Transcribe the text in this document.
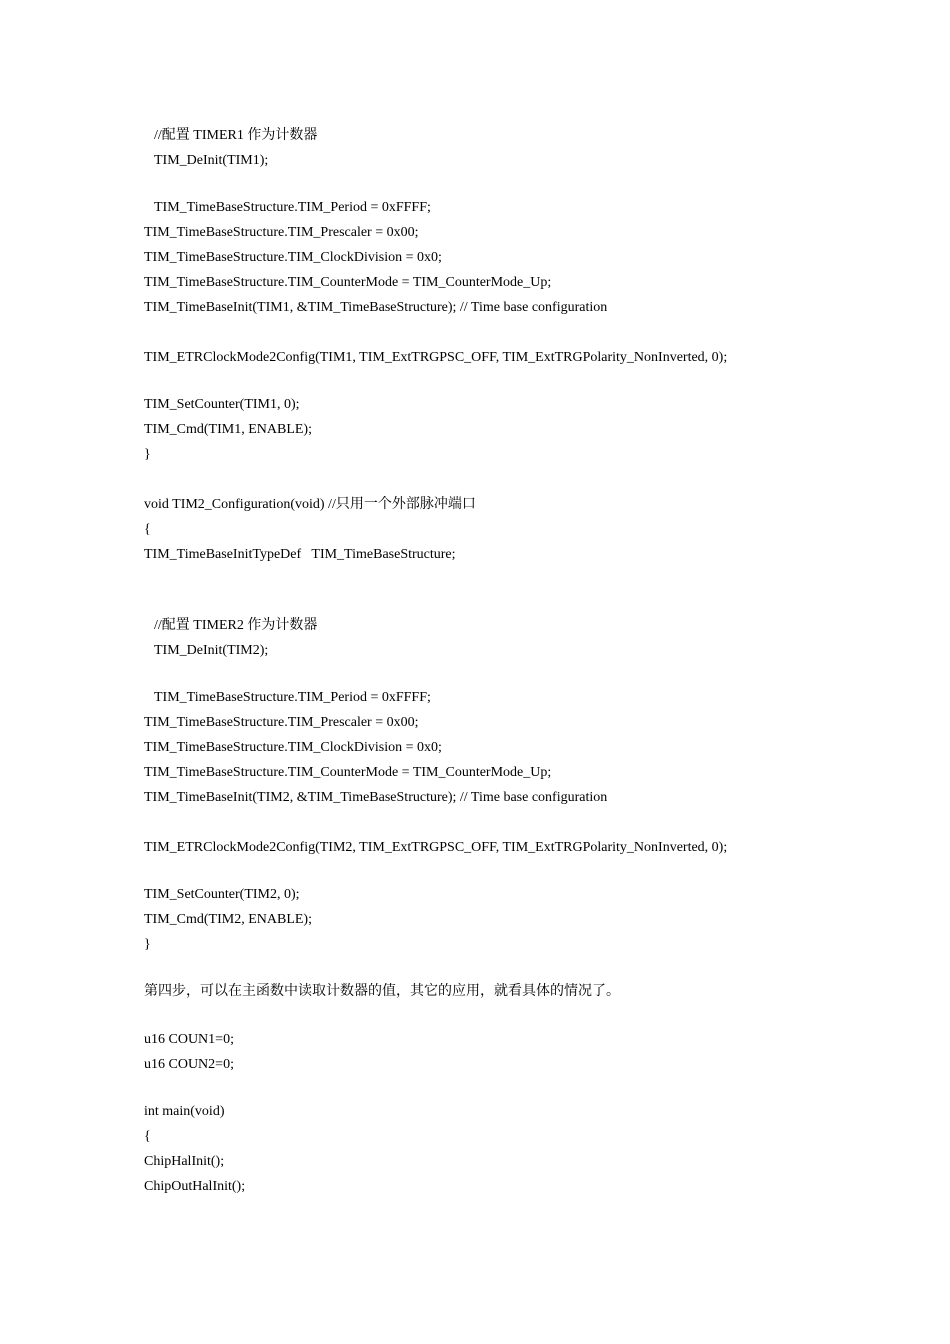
//配置 TIMER1 作为计数器
TIM_DeInit(TIM1);
TIM_TimeBaseStructure.TIM_Period = 0xFFFF;
TIM_TimeBaseStructure.TIM_Prescaler = 0x00;
TIM_TimeBaseStructure.TIM_ClockDivision = 0x0;
TIM_TimeBaseStructure.TIM_CounterMode = TIM_CounterMode_Up;
TIM_TimeBaseInit(TIM1, &TIM_TimeBaseStructure); // Time base configuration
TIM_ETRClockMode2Config(TIM1, TIM_ExtTRGPSC_OFF, TIM_ExtTRGPolarity_NonInverted, 0);
TIM_SetCounter(TIM1, 0);
TIM_Cmd(TIM1, ENABLE);
}
void TIM2_Configuration(void) //只用一个外部脉冲端口
{
TIM_TimeBaseInitTypeDef   TIM_TimeBaseStructure;
//配置 TIMER2 作为计数器
TIM_DeInit(TIM2);
TIM_TimeBaseStructure.TIM_Period = 0xFFFF;
TIM_TimeBaseStructure.TIM_Prescaler = 0x00;
TIM_TimeBaseStructure.TIM_ClockDivision = 0x0;
TIM_TimeBaseStructure.TIM_CounterMode = TIM_CounterMode_Up;
TIM_TimeBaseInit(TIM2, &TIM_TimeBaseStructure); // Time base configuration
TIM_ETRClockMode2Config(TIM2, TIM_ExtTRGPSC_OFF, TIM_ExtTRGPolarity_NonInverted, 0);
TIM_SetCounter(TIM2, 0);
TIM_Cmd(TIM2, ENABLE);
}
第四步，可以在主函数中读取计数器的值，其它的应用，就看具体的情况了。
u16 COUN1=0;
u16 COUN2=0;
int main(void)
{
ChipHalInit();
ChipOutHalInit();
